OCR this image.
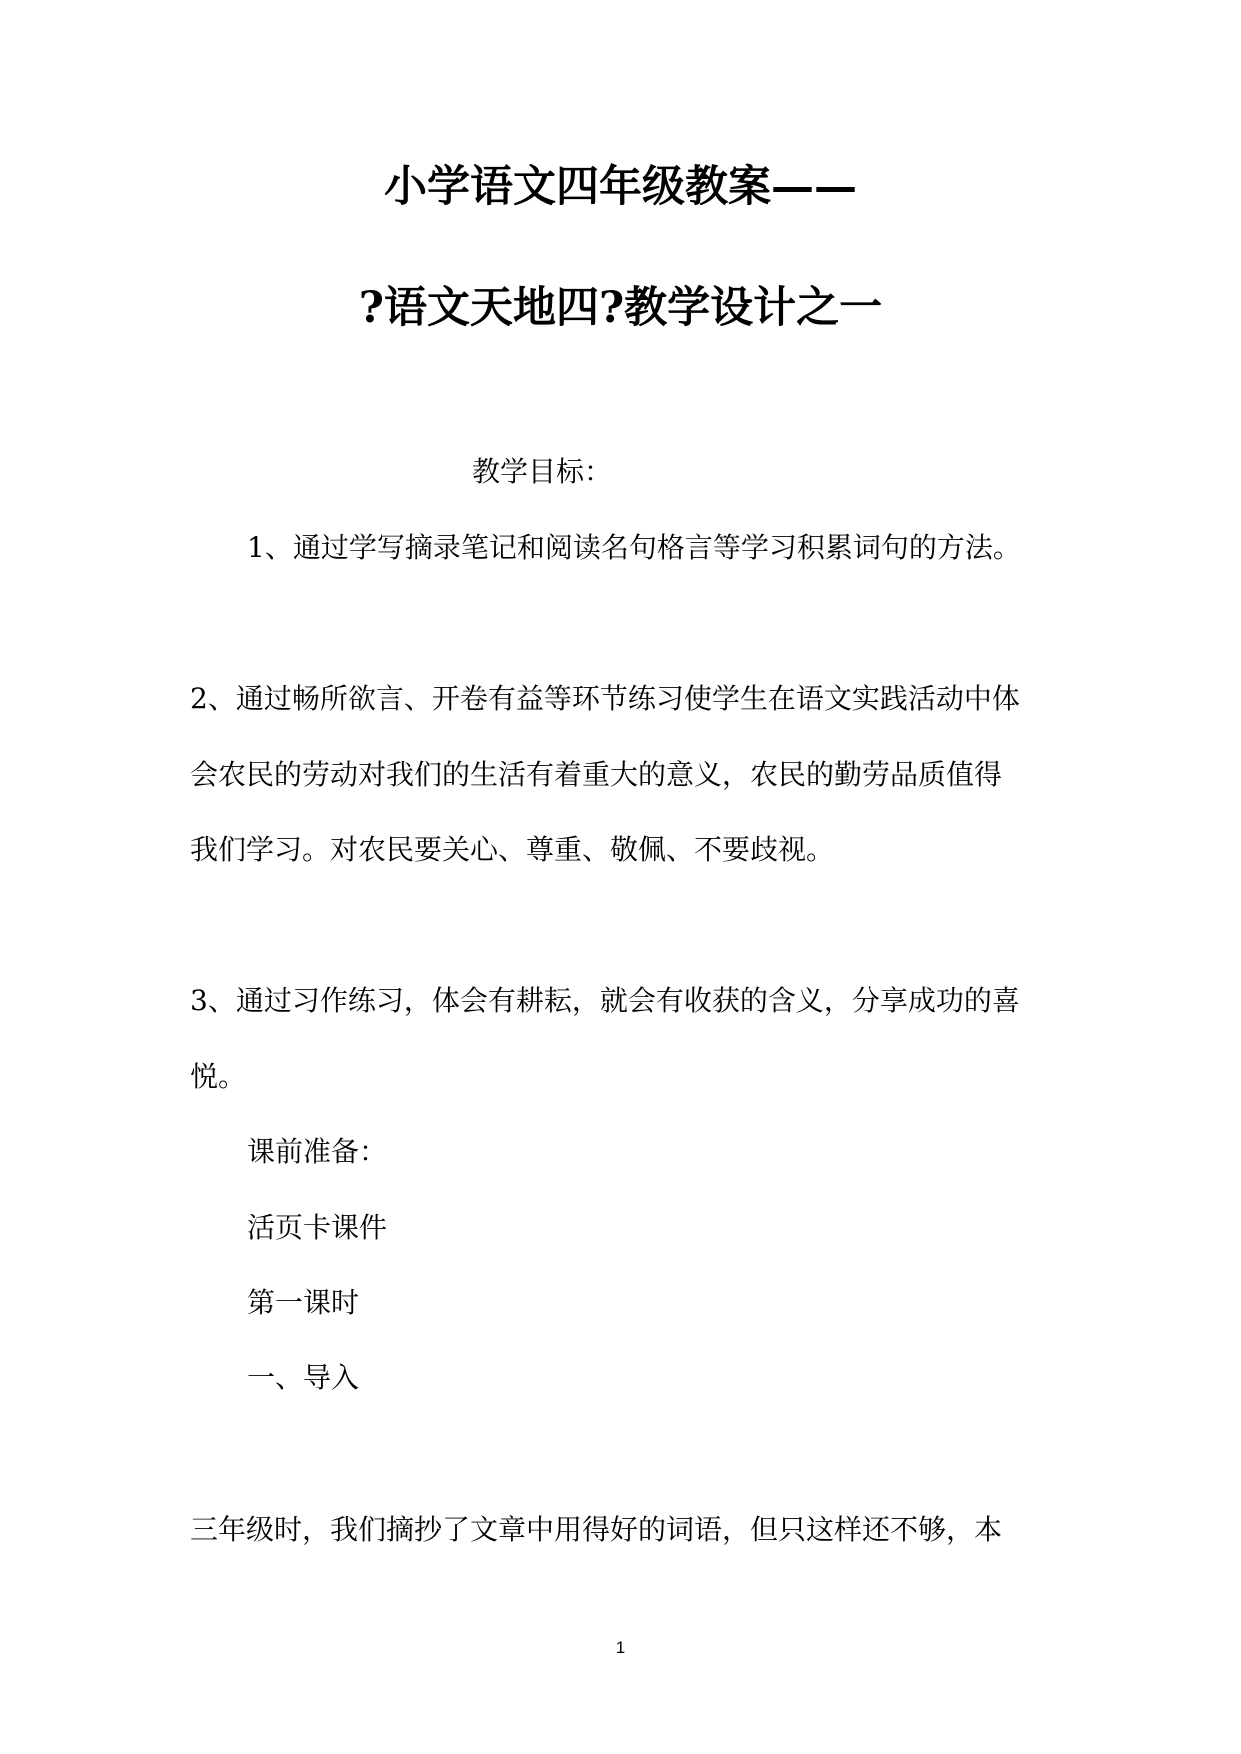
小学语文四年级教案——
?语文天地四?教学设计之一
教学目标：
1、通过学写摘录笔记和阅读名句格言等学习积累词句的方法。
2、通过畅所欲言、开卷有益等环节练习使学生在语文实践活动中体
会农民的劳动对我们的生活有着重大的意义，农民的勤劳品质值得
我们学习。对农民要关心、尊重、敬佩、不要歧视。
3、通过习作练习，体会有耕耘，就会有收获的含义，分享成功的喜
悦。
课前准备：
活页卡课件
第一课时
一、导入
三年级时，我们摘抄了文章中用得好的词语，但只这样还不够，本
1
